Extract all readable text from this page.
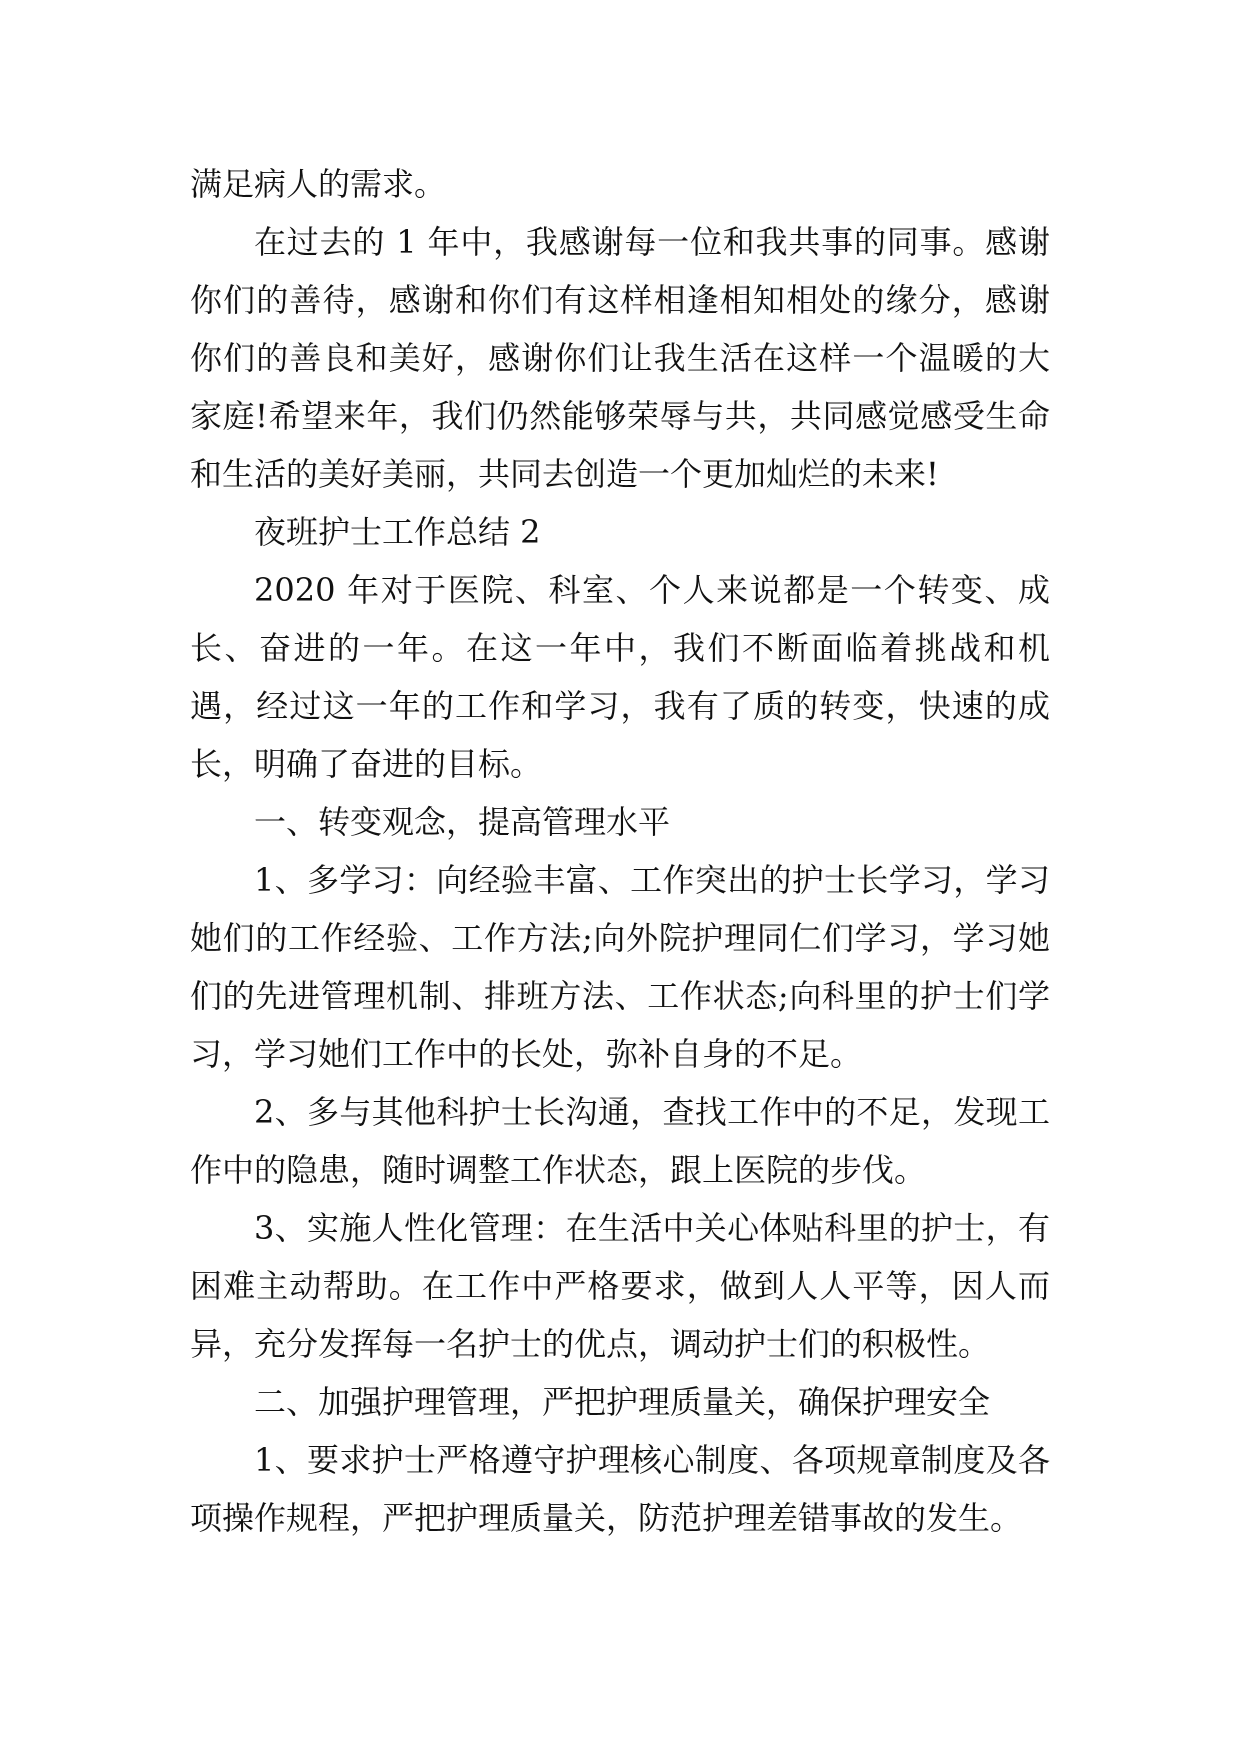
满足病人的需求。

在过去的 1 年中，我感谢每一位和我共事的同事。感谢你们的善待，感谢和你们有这样相逢相知相处的缘分，感谢你们的善良和美好，感谢你们让我生活在这样一个温暖的大家庭!希望来年，我们仍然能够荣辱与共，共同感觉感受生命和生活的美好美丽，共同去创造一个更加灿烂的未来!

夜班护士工作总结 2

2020 年对于医院、科室、个人来说都是一个转变、成长、奋进的一年。在这一年中，我们不断面临着挑战和机遇，经过这一年的工作和学习，我有了质的转变，快速的成长，明确了奋进的目标。

一、转变观念，提高管理水平

1、多学习：向经验丰富、工作突出的护士长学习，学习她们的工作经验、工作方法;向外院护理同仁们学习，学习她们的先进管理机制、排班方法、工作状态;向科里的护士们学习，学习她们工作中的长处，弥补自身的不足。

2、多与其他科护士长沟通，查找工作中的不足，发现工作中的隐患，随时调整工作状态，跟上医院的步伐。

3、实施人性化管理：在生活中关心体贴科里的护士，有困难主动帮助。在工作中严格要求，做到人人平等，因人而异，充分发挥每一名护士的优点，调动护士们的积极性。

二、加强护理管理，严把护理质量关，确保护理安全

1、要求护士严格遵守护理核心制度、各项规章制度及各项操作规程，严把护理质量关，防范护理差错事故的发生。
